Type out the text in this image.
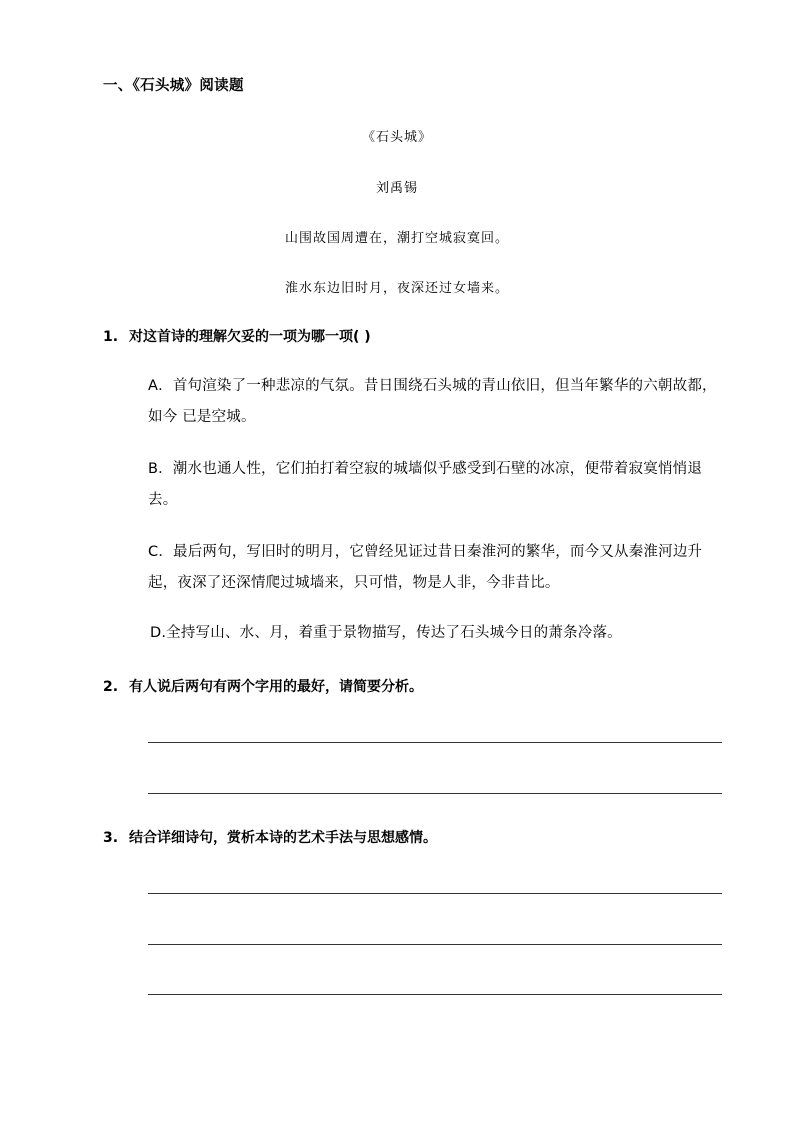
一、《石头城》阅读题
《石头城》
刘禹锡
山围故国周遭在，潮打空城寂寞回。
淮水东边旧时月，夜深还过女墙来。
1. 对这首诗的理解欠妥的一项为哪一项( )
A．首句渲染了一种悲凉的气氛。昔日围绕石头城的青山依旧，但当年繁华的六朝故都，如今 已是空城。
B．潮水也通人性，它们拍打着空寂的城墙似乎感受到石壁的冰凉，便带着寂寞悄悄退去。
C．最后两句，写旧时的明月，它曾经见证过昔日秦淮河的繁华，而今又从秦淮河边升起，夜深了还深情爬过城墙来，只可惜，物是人非，今非昔比。
D.全持写山、水、月，着重于景物描写，传达了石头城今日的萧条冷落。
2. 有人说后两句有两个字用的最好，请简要分析。
3. 结合详细诗句，赏析本诗的艺术手法与思想感情。
